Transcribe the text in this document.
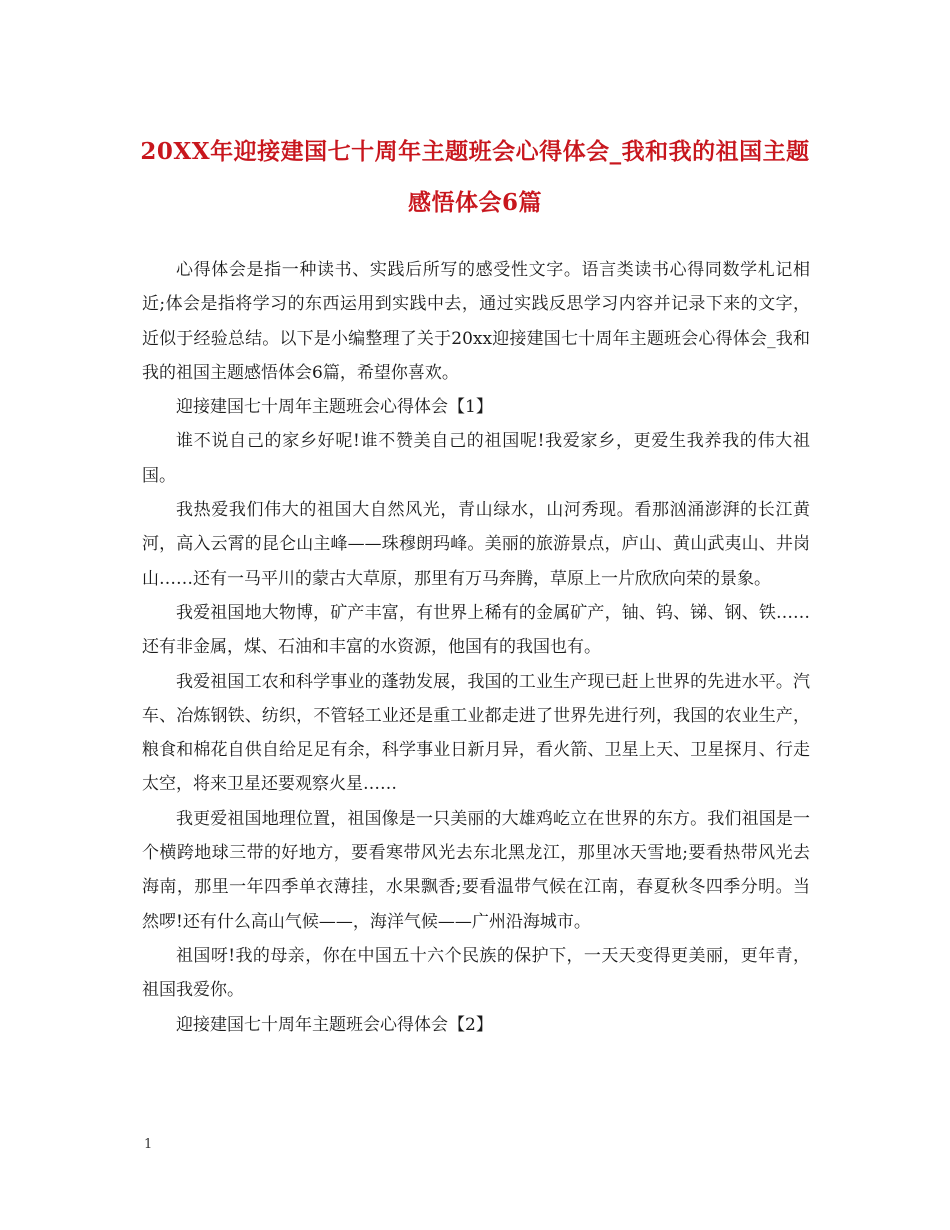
20XX年迎接建国七十周年主题班会心得体会_我和我的祖国主题感悟体会6篇

心得体会是指一种读书、实践后所写的感受性文字。语言类读书心得同数学札记相近;体会是指将学习的东西运用到实践中去，通过实践反思学习内容并记录下来的文字，近似于经验总结。以下是小编整理了关于20xx迎接建国七十周年主题班会心得体会_我和我的祖国主题感悟体会6篇，希望你喜欢。

迎接建国七十周年主题班会心得体会【1】

谁不说自己的家乡好呢!谁不赞美自己的祖国呢!我爱家乡，更爱生我养我的伟大祖国。

我热爱我们伟大的祖国大自然风光，青山绿水，山河秀现。看那汹涌澎湃的长江黄河，高入云霄的昆仑山主峰——珠穆朗玛峰。美丽的旅游景点，庐山、黄山武夷山、井岗山……还有一马平川的蒙古大草原，那里有万马奔腾，草原上一片欣欣向荣的景象。

我爱祖国地大物博，矿产丰富，有世界上稀有的金属矿产，铀、钨、锑、钢、铁……还有非金属，煤、石油和丰富的水资源，他国有的我国也有。

我爱祖国工农和科学事业的蓬勃发展，我国的工业生产现已赶上世界的先进水平。汽车、冶炼钢铁、纺织，不管轻工业还是重工业都走进了世界先进行列，我国的农业生产，粮食和棉花自供自给足足有余，科学事业日新月异，看火箭、卫星上天、卫星探月、行走太空，将来卫星还要观察火星……

我更爱祖国地理位置，祖国像是一只美丽的大雄鸡屹立在世界的东方。我们祖国是一个横跨地球三带的好地方，要看寒带风光去东北黑龙江，那里冰天雪地;要看热带风光去海南，那里一年四季单衣薄挂，水果飘香;要看温带气候在江南，春夏秋冬四季分明。当然啰!还有什么高山气候——，海洋气候——广州沿海城市。

祖国呀!我的母亲，你在中国五十六个民族的保护下，一天天变得更美丽，更年青，祖国我爱你。

迎接建国七十周年主题班会心得体会【2】

1
